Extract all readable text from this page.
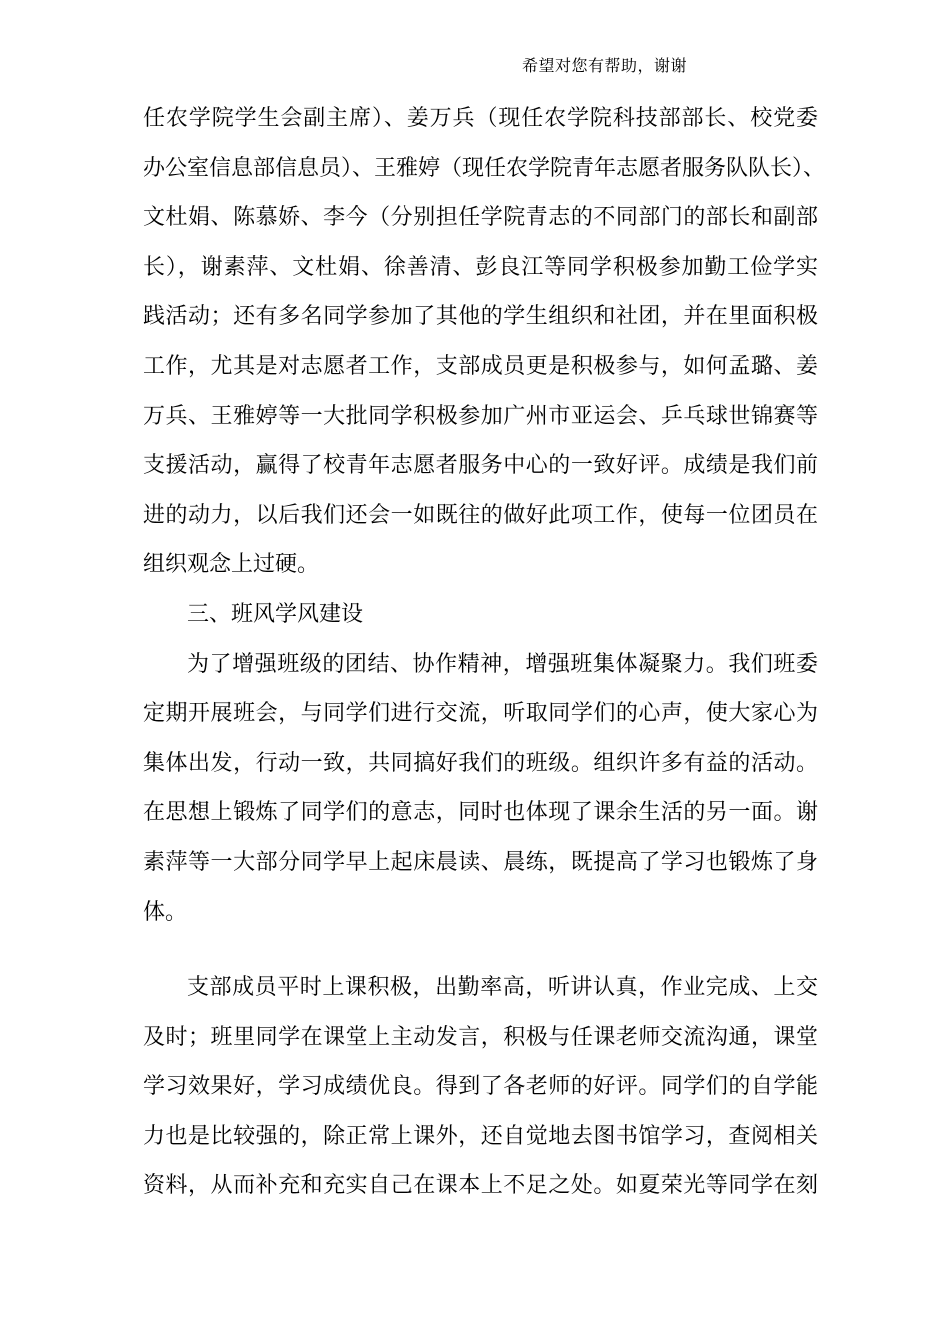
希望对您有帮助，谢谢
任农学院学生会副主席）、姜万兵（现任农学院科技部部长、校党委
办公室信息部信息员）、王雅婷（现任农学院青年志愿者服务队队长）、
文杜娟、陈慕娇、李今（分别担任学院青志的不同部门的部长和副部
长），谢素萍、文杜娟、徐善清、彭良江等同学积极参加勤工俭学实
践活动；还有多名同学参加了其他的学生组织和社团，并在里面积极
工作，尤其是对志愿者工作，支部成员更是积极参与，如何孟璐、姜
万兵、王雅婷等一大批同学积极参加广州市亚运会、乒乓球世锦赛等
支援活动，赢得了校青年志愿者服务中心的一致好评。成绩是我们前
进的动力，以后我们还会一如既往的做好此项工作，使每一位团员在
组织观念上过硬。
三、班风学风建设
为了增强班级的团结、协作精神，增强班集体凝聚力。我们班委
定期开展班会，与同学们进行交流，听取同学们的心声，使大家心为
集体出发，行动一致，共同搞好我们的班级。组织许多有益的活动。
在思想上锻炼了同学们的意志，同时也体现了课余生活的另一面。谢
素萍等一大部分同学早上起床晨读、晨练，既提高了学习也锻炼了身
体。
支部成员平时上课积极，出勤率高，听讲认真，作业完成、上交
及时；班里同学在课堂上主动发言，积极与任课老师交流沟通，课堂
学习效果好，学习成绩优良。得到了各老师的好评。同学们的自学能
力也是比较强的，除正常上课外，还自觉地去图书馆学习，查阅相关
资料，从而补充和充实自己在课本上不足之处。如夏荣光等同学在刻
